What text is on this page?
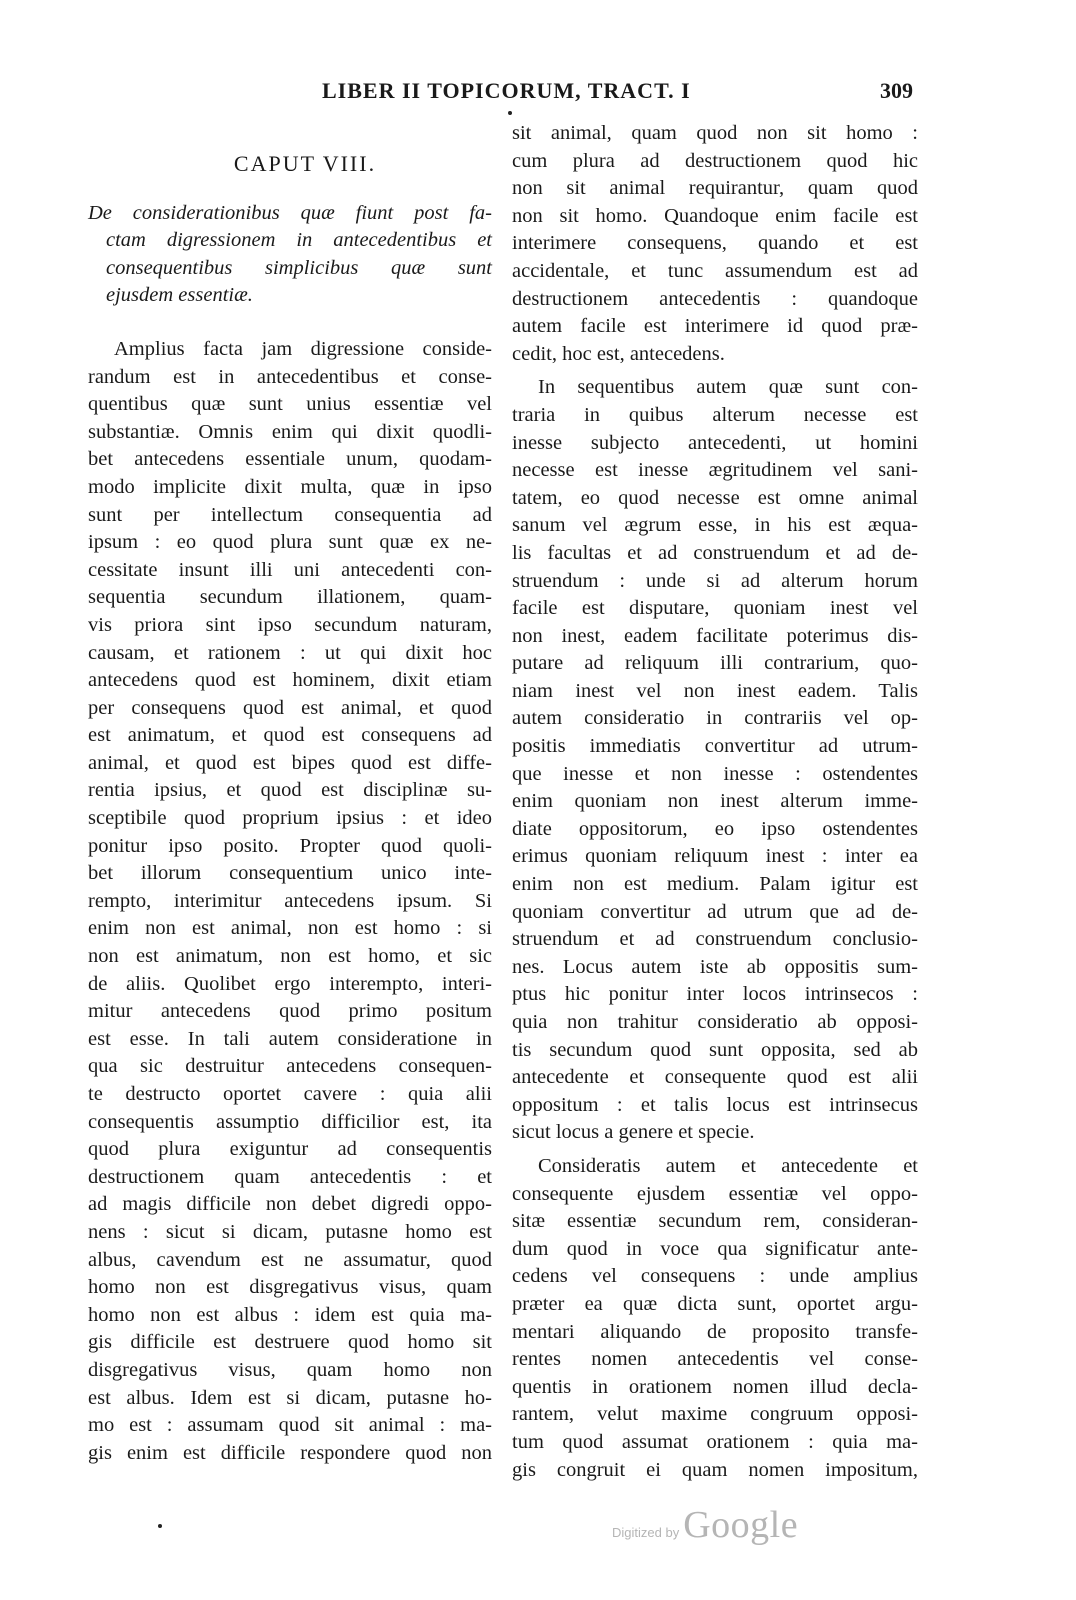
LIBER II TOPICORUM, TRACT. I	309
CAPUT VIII.
De considerationibus quæ fiunt post fa-
ctam digressionem in antecedentibus et
consequentibus simplicibus quæ sunt
ejusdem essentiæ.
Amplius facta jam digressione conside-
randum est in antecedentibus et conse-
quentibus quæ sunt unius essentiæ vel
substantiæ. Omnis enim qui dixit quodli-
bet antecedens essentiale unum, quodam-
modo implicite dixit multa, quæ in ipso
sunt per intellectum consequentia ad
ipsum : eo quod plura sunt quæ ex ne-
cessitate insunt illi uni antecedenti con-
sequentia secundum illationem, quam-
vis priora sint ipso secundum naturam,
causam, et rationem : ut qui dixit hoc
antecedens quod est hominem, dixit etiam
per consequens quod est animal, et quod
est animatum, et quod est consequens ad
animal, et quod est bipes quod est diffe-
rentia ipsius, et quod est disciplinæ su-
sceptibile quod proprium ipsius : et ideo
ponitur ipso posito. Propter quod quoli-
bet illorum consequentium unico inte-
rempto, interimitur antecedens ipsum. Si
enim non est animal, non est homo : si
non est animatum, non est homo, et sic
de aliis. Quolibet ergo interempto, interi-
mitur antecedens quod primo positum
est esse. In tali autem consideratione in
qua sic destruitur antecedens consequen-
te destructo oportet cavere : quia alii
consequentis assumptio difficilior est, ita
quod plura exiguntur ad consequentis
destructionem quam antecedentis : et
ad magis difficile non debet digredi oppo-
nens : sicut si dicam, putasne homo est
albus, cavendum est ne assumatur, quod
homo non est disgregativus visus, quam
homo non est albus : idem est quia ma-
gis difficile est destruere quod homo sit
disgregativus visus, quam homo non
est albus. Idem est si dicam, putasne ho-
mo est : assumam quod sit animal : ma-
gis enim est difficile respondere quod non
sit animal, quam quod non sit homo :
cum plura ad destructionem quod hic
non sit animal requirantur, quam quod
non sit homo. Quandoque enim facile est
interimere consequens, quando et est
accidentale, et tunc assumendum est ad
destructionem antecedentis : quandoque
autem facile est interimere id quod præ-
cedit, hoc est, antecedens.
In sequentibus autem quæ sunt con-
traria in quibus alterum necesse est
inesse subjecto antecedenti, ut homini
necesse est inesse ægritudinem vel sani-
tatem, eo quod necesse est omne animal
sanum vel ægrum esse, in his est æqua-
lis facultas et ad construendum et ad de-
struendum : unde si ad alterum horum
facile est disputare, quoniam inest vel
non inest, eadem facilitate poterimus dis-
putare ad reliquum illi contrarium, quo-
niam inest vel non inest eadem. Talis
autem consideratio in contrariis vel op-
positis immediatis convertitur ad utrum-
que inesse et non inesse : ostendentes
enim quoniam non inest alterum imme-
diate oppositorum, eo ipso ostendentes
erimus quoniam reliquum inest : inter ea
enim non est medium. Palam igitur est
quoniam convertitur ad utrum que ad de-
struendum et ad construendum conclusio-
nes. Locus autem iste ab oppositis sum-
ptus hic ponitur inter locos intrinsecos :
quia non trahitur consideratio ab opposi-
tis secundum quod sunt opposita, sed ab
antecedente et consequente quod est alii
oppositum : et talis locus est intrinsecus
sicut locus a genere et specie.
Consideratis autem et antecedente et
consequente ejusdem essentiæ vel oppo-
sitæ essentiæ secundum rem, consideran-
dum quod in voce qua significatur ante-
cedens vel consequens : unde amplius
præter ea quæ dicta sunt, oportet argu-
mentari aliquando de proposito transfe-
rentes nomen antecedentis vel conse-
quentis in orationem nomen illud decla-
rantem, velut maxime congruum opposi-
tum quod assumat orationem : quia ma-
gis congruit ei quam nomen impositum,
Digitized by Google
